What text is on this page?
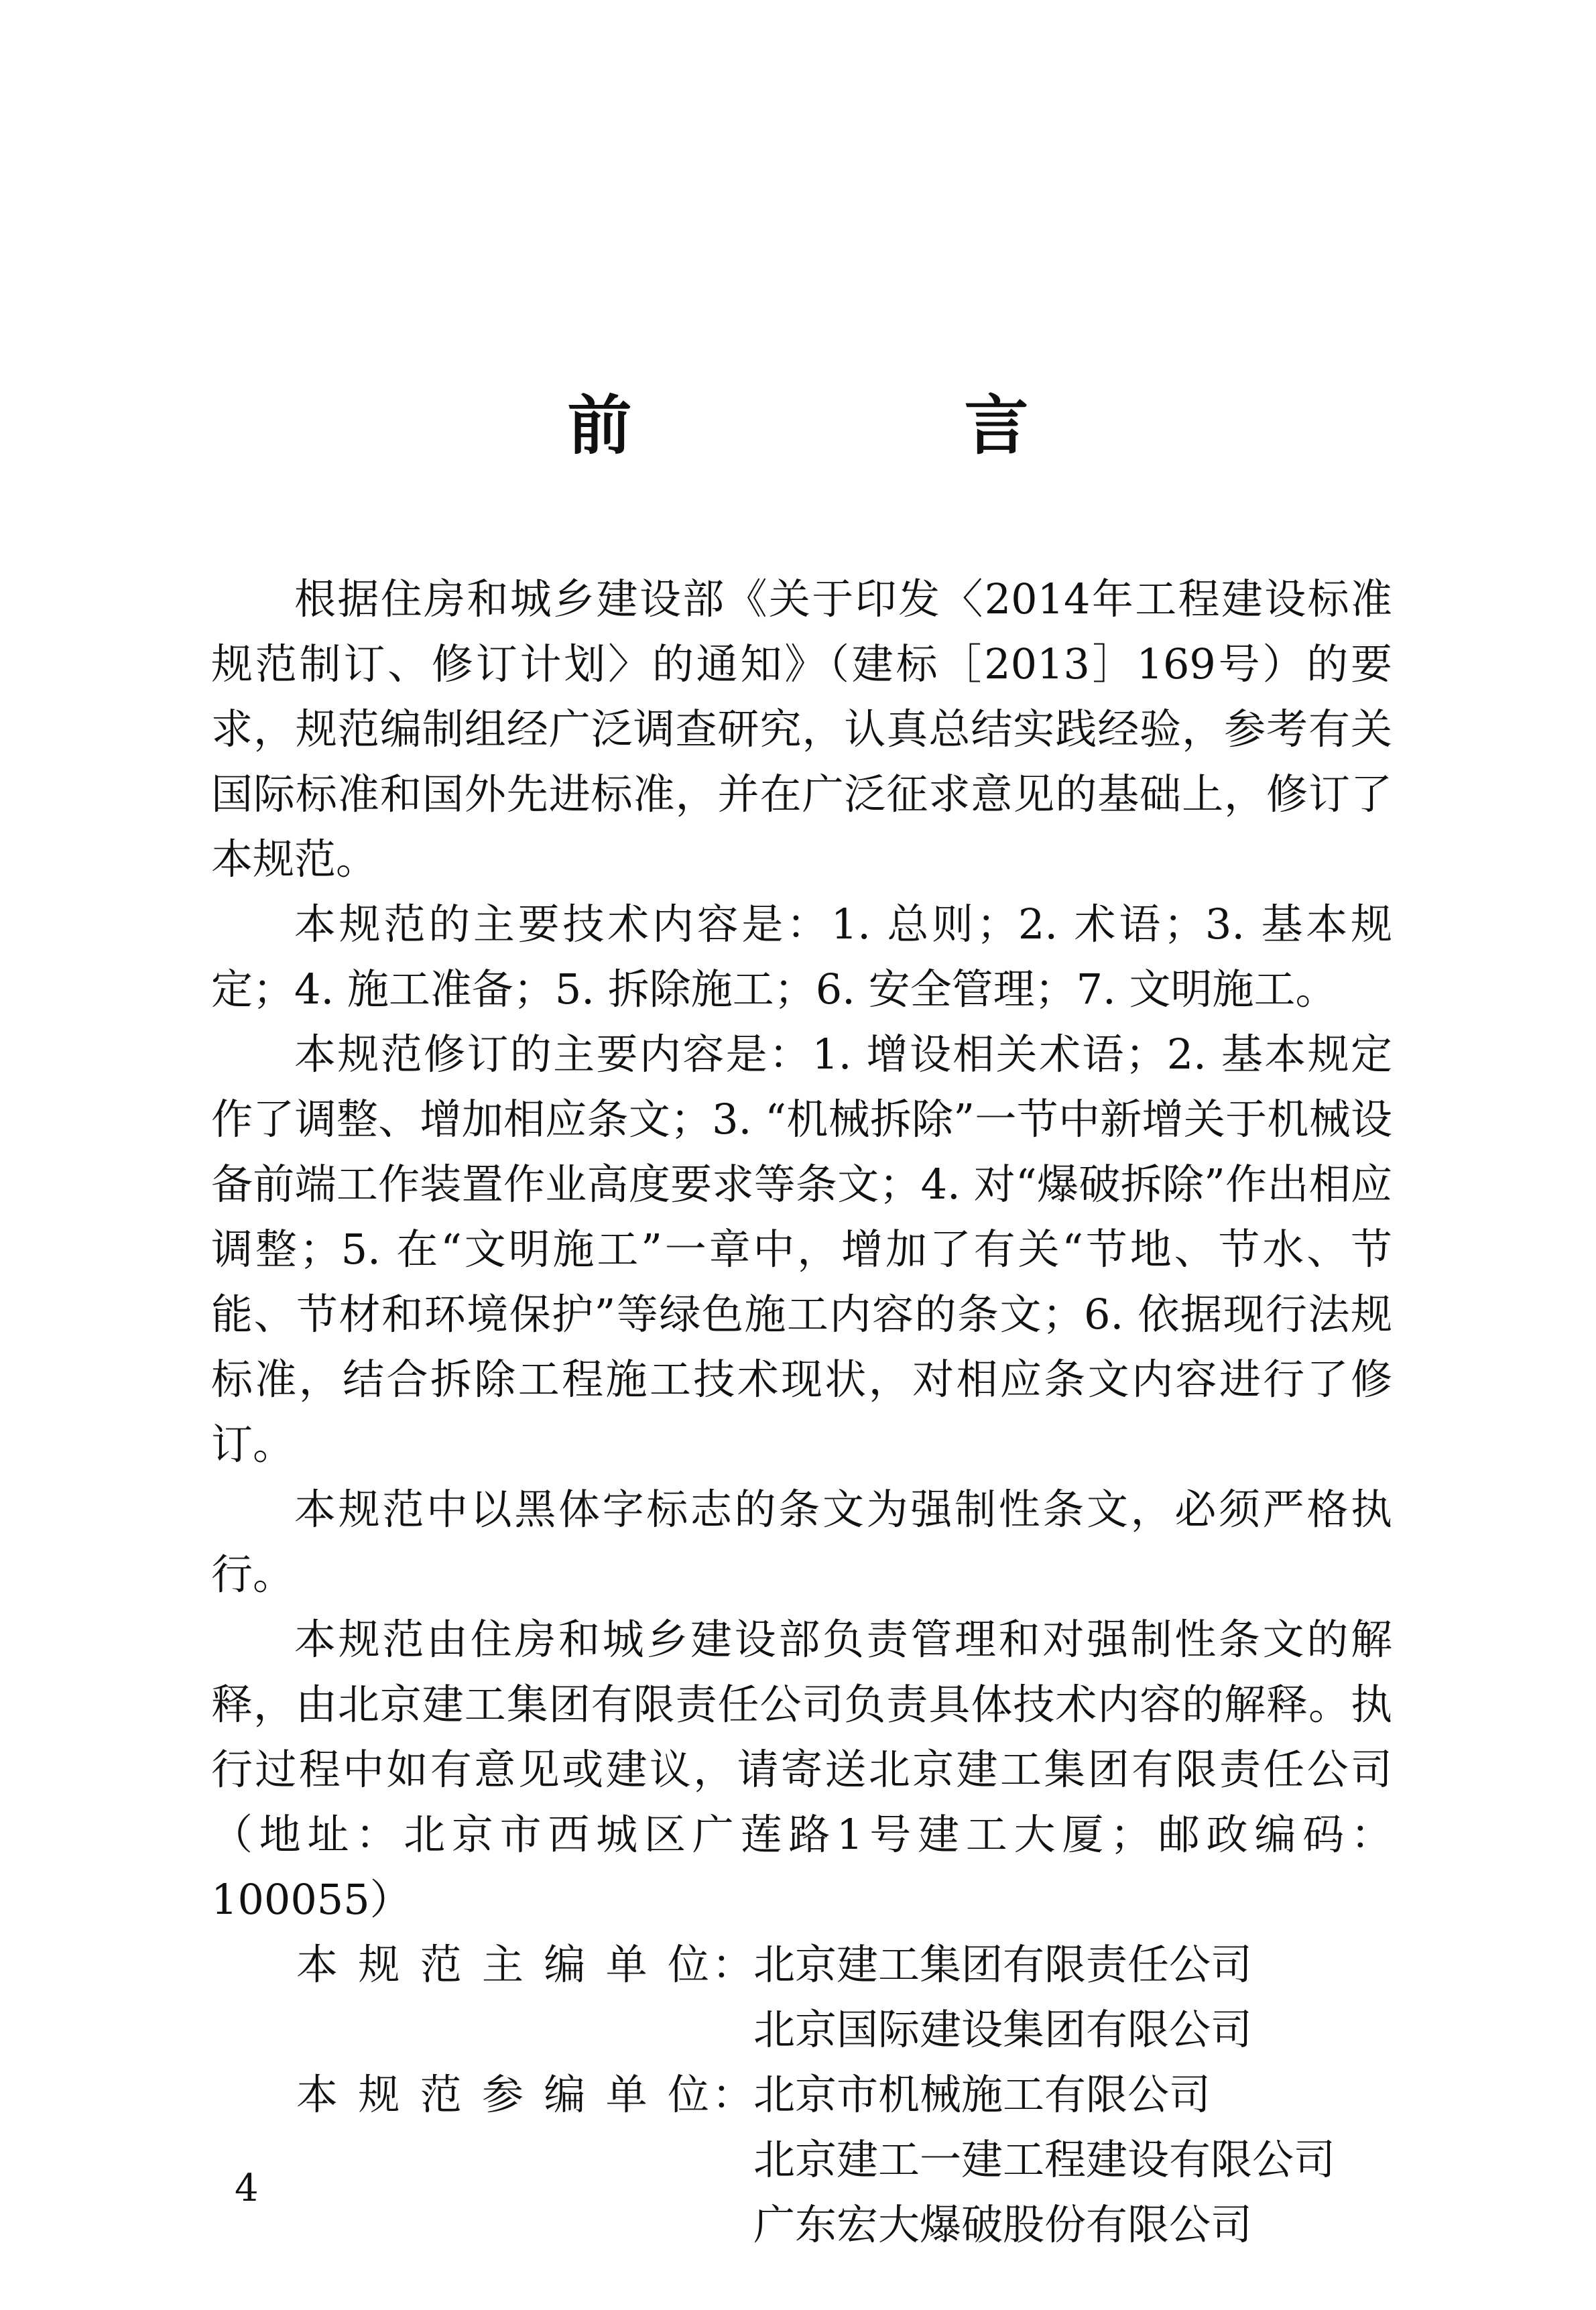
前　言

根据住房和城乡建设部《关于印发〈2014年工程建设标准规范制订、修订计划〉的通知》（建标［2013］169号）的要求，规范编制组经广泛调查研究，认真总结实践经验，参考有关国际标准和国外先进标准，并在广泛征求意见的基础上，修订了本规范。

本规范的主要技术内容是：1. 总则；2. 术语；3. 基本规定；4. 施工准备；5. 拆除施工；6. 安全管理；7. 文明施工。

本规范修订的主要内容是：1. 增设相关术语；2. 基本规定作了调整、增加相应条文；3. “机械拆除”一节中新增关于机械设备前端工作装置作业高度要求等条文；4. 对“爆破拆除”作出相应调整；5. 在“文明施工”一章中，增加了有关“节地、节水、节能、节材和环境保护”等绿色施工内容的条文；6. 依据现行法规标准，结合拆除工程施工技术现状，对相应条文内容进行了修订。

本规范中以黑体字标志的条文为强制性条文，必须严格执行。

本规范由住房和城乡建设部负责管理和对强制性条文的解释，由北京建工集团有限责任公司负责具体技术内容的解释。执行过程中如有意见或建议，请寄送北京建工集团有限责任公司（地址：北京市西城区广莲路1号建工大厦；邮政编码：100055）

本规范主编单位 ： 北京建工集团有限责任公司
北京国际建设集团有限公司
本规范参编单位 ： 北京市机械施工有限公司
北京建工一建工程建设有限公司
广东宏大爆破股份有限公司
4
